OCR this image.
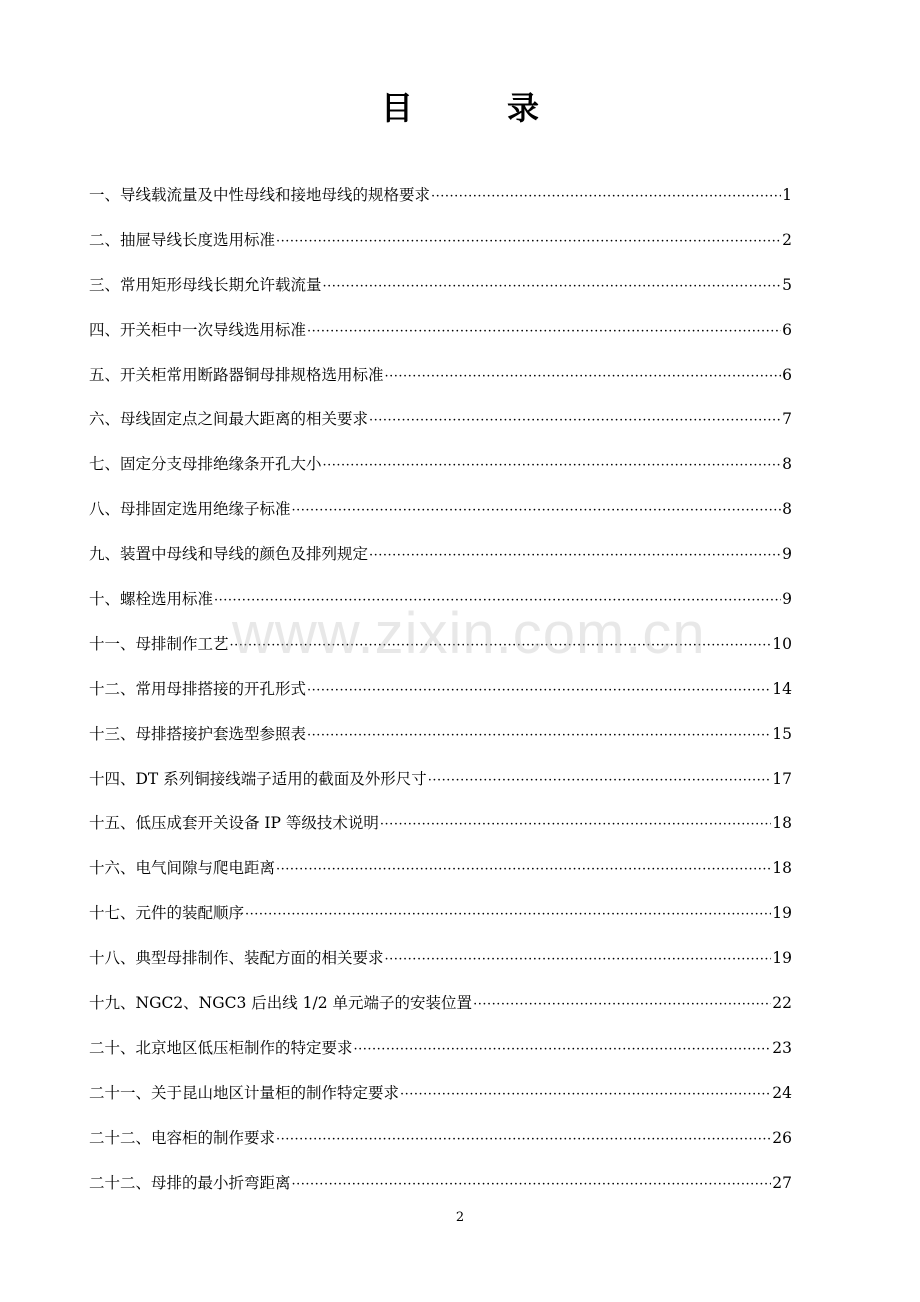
目	录
一、导线载流量及中性母线和接地母线的规格要求 ·····	1
二、抽屉导线长度选用标准 ·····	2
三、常用矩形母线长期允许载流量 ·····	5
四、开关柜中一次导线选用标准 ·····	6
五、开关柜常用断路器铜母排规格选用标准 ·····	6
六、母线固定点之间最大距离的相关要求 ·····	7
七、固定分支母排绝缘条开孔大小 ·····	8
八、母排固定选用绝缘子标准 ·····	8
九、装置中母线和导线的颜色及排列规定 ·····	9
十、螺栓选用标准 ·····	9
十一、母排制作工艺 ·····	10
十二、常用母排搭接的开孔形式 ·····	14
十三、母排搭接护套选型参照表 ·····	15
十四、DT 系列铜接线端子适用的截面及外形尺寸 ·····	17
十五、低压成套开关设备 IP 等级技术说明 ·····	18
十六、电气间隙与爬电距离 ·····	18
十七、元件的装配顺序 ·····	19
十八、典型母排制作、装配方面的相关要求 ·····	19
十九、NGC2、NGC3 后出线 1/2 单元端子的安装位置 ·····	22
二十、北京地区低压柜制作的特定要求 ·····	23
二十一、关于昆山地区计量柜的制作特定要求 ·····	24
二十二、电容柜的制作要求 ·····	26
二十二、母排的最小折弯距离 ·····	27
www.zixin.com.cn
2
